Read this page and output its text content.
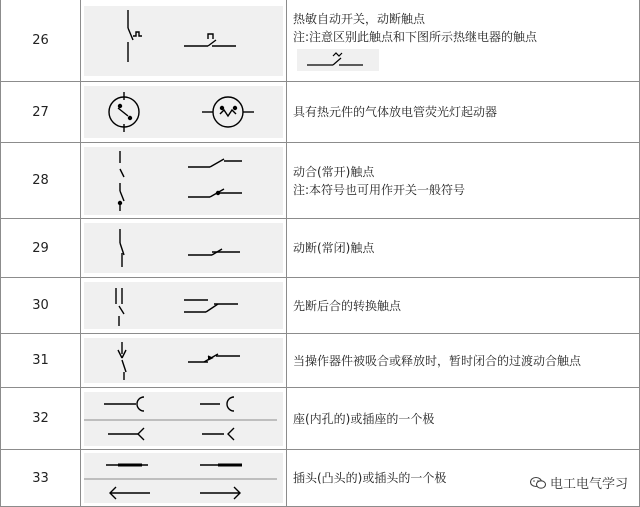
26		热敏自动开关，动断触点
注:注意区别此触点和下图所示热继电器的触点

27		具有热元件的气体放电管荧光灯起动器

28		动合(常开)触点
注:本符号也可用作开关一般符号

29		动断(常闭)触点

30		先断后合的转换触点

31		当操作器件被吸合或释放时，暂时闭合的过渡动合触点

32		座(内孔的)或插座的一个极

33		插头(凸头的)或插头的一个极	电工电气学习
